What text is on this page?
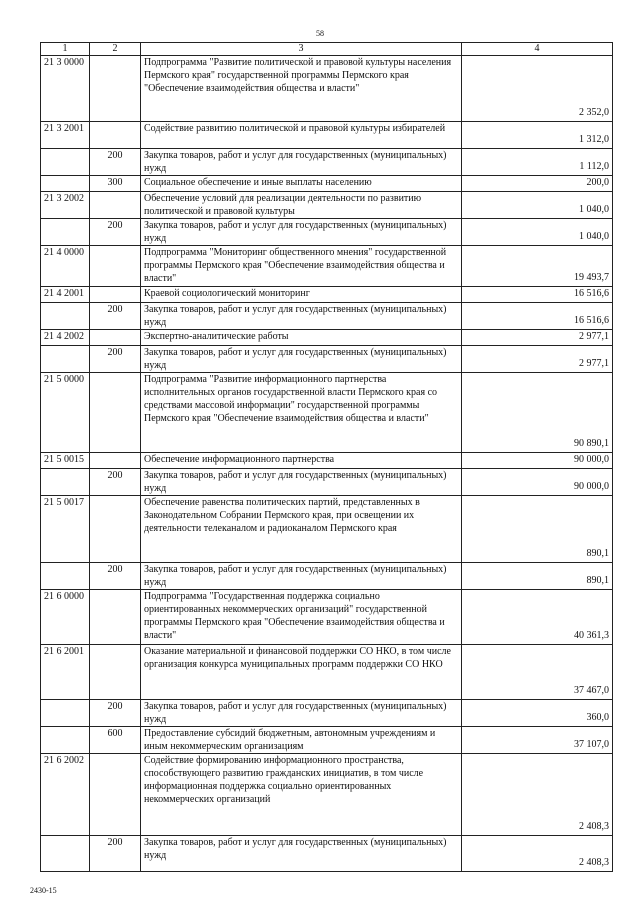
58
1	2	3	4
21 3 0000		Подпрограмма "Развитие политической и правовой культуры населения Пермского края" государственной программы Пермского края "Обеспечение взаимодействия общества и власти"	2 352,0
21 3 2001		Содействие развитию политической и правовой культуры избирателей	1 312,0
	200	Закупка товаров, работ и услуг для государственных (муниципальных) нужд	1 112,0
	300	Социальное обеспечение и иные выплаты населению	200,0
21 3 2002		Обеспечение условий для реализации деятельности по развитию политической и правовой культуры	1 040,0
	200	Закупка товаров, работ и услуг для государственных (муниципальных) нужд	1 040,0
21 4 0000		Подпрограмма "Мониторинг общественного мнения" государственной программы Пермского края "Обеспечение взаимодействия общества и власти"	19 493,7
21 4 2001		Краевой социологический мониторинг	16 516,6
	200	Закупка товаров, работ и услуг для государственных (муниципальных) нужд	16 516,6
21 4 2002		Экспертно-аналитические работы	2 977,1
	200	Закупка товаров, работ и услуг для государственных (муниципальных) нужд	2 977,1
21 5 0000		Подпрограмма "Развитие информационного партнерства исполнительных органов государственной власти Пермского края со средствами массовой информации" государственной программы Пермского края "Обеспечение взаимодействия общества и власти"	90 890,1
21 5 0015		Обеспечение информационного партнерства	90 000,0
	200	Закупка товаров, работ и услуг для государственных (муниципальных) нужд	90 000,0
21 5 0017		Обеспечение равенства политических партий, представленных в Законодательном Собрании Пермского края, при освещении их деятельности телеканалом и радиоканалом Пермского края	890,1
	200	Закупка товаров, работ и услуг для государственных (муниципальных) нужд	890,1
21 6 0000		Подпрограмма "Государственная поддержка социально ориентированных некоммерческих организаций" государственной программы Пермского края "Обеспечение взаимодействия общества и власти"	40 361,3
21 6 2001		Оказание материальной и финансовой поддержки СО НКО, в том числе организация конкурса муниципальных программ поддержки СО НКО	37 467,0
	200	Закупка товаров, работ и услуг для государственных (муниципальных) нужд	360,0
	600	Предоставление субсидий бюджетным, автономным учреждениям и иным некоммерческим организациям	37 107,0
21 6 2002		Содействие формированию информационного пространства, способствующего развитию гражданских инициатив, в том числе информационная поддержка социально ориентированных некоммерческих организаций	2 408,3
	200	Закупка товаров, работ и услуг для государственных (муниципальных) нужд	2 408,3
2430-15
